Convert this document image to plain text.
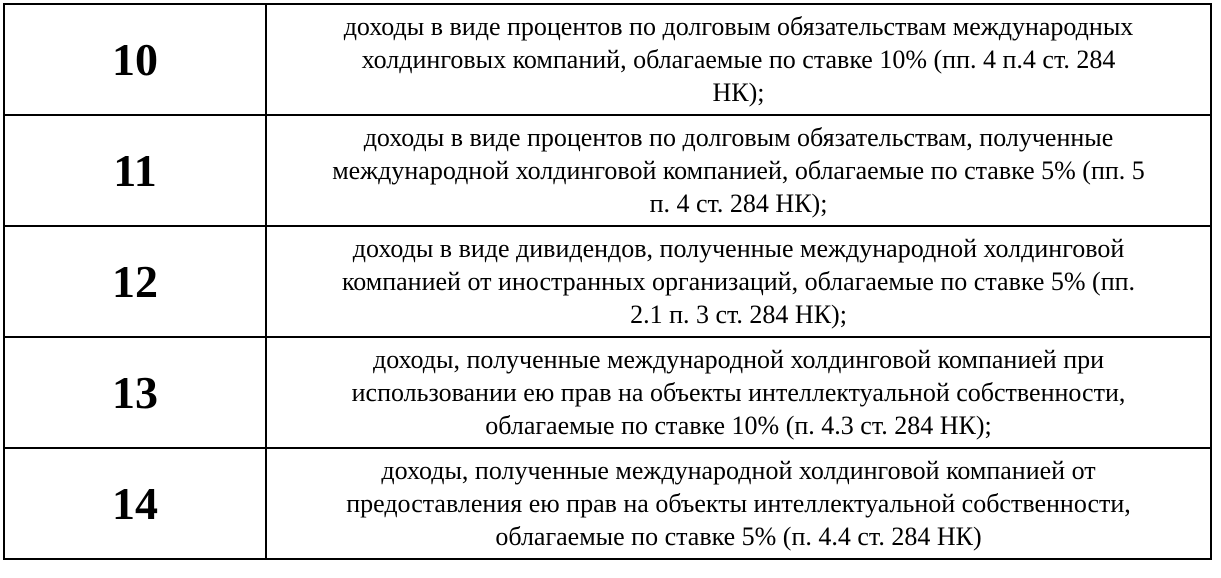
10	доходы в виде процентов по долговым обязательствам международных
холдинговых компаний, облагаемые по ставке 10% (пп. 4 п.4 ст. 284
НК);

11	доходы в виде процентов по долговым обязательствам, полученные
международной холдинговой компанией, облагаемые по ставке 5% (пп. 5
п. 4 ст. 284 НК);

12	доходы в виде дивидендов, полученные международной холдинговой
компанией от иностранных организаций, облагаемые по ставке 5% (пп.
2.1 п. 3 ст. 284 НК);

13	доходы, полученные международной холдинговой компанией при
использовании ею прав на объекты интеллектуальной собственности,
облагаемые по ставке 10% (п. 4.3 ст. 284 НК);

14	доходы, полученные международной холдинговой компанией от
предоставления ею прав на объекты интеллектуальной собственности,
облагаемые по ставке 5% (п. 4.4 ст. 284 НК)
